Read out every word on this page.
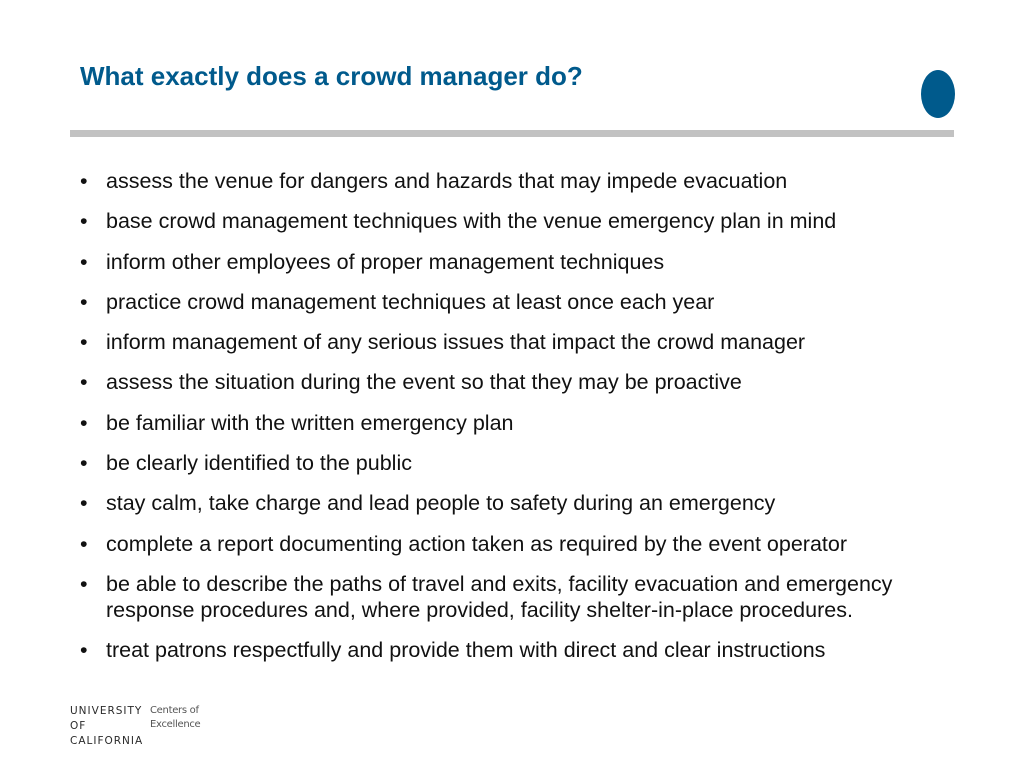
What exactly does a crowd manager do?
• assess the venue for dangers and hazards that may impede evacuation
• base crowd management techniques with the venue emergency plan in mind
• inform other employees of proper management techniques
• practice crowd management techniques at least once each year
• inform management of any serious issues that impact the crowd manager
• assess the situation during the event so that they may be proactive
• be familiar with the written emergency plan
• be clearly identified to the public
• stay calm, take charge and lead people to safety during an emergency
• complete a report documenting action taken as required by the event operator
• be able to describe the paths of travel and exits, facility evacuation and emergency response procedures and, where provided, facility shelter-in-place procedures.
• treat patrons respectfully and provide them with direct and clear instructions
UNIVERSITY
OF
CALIFORNIA
Centers of
Excellence
